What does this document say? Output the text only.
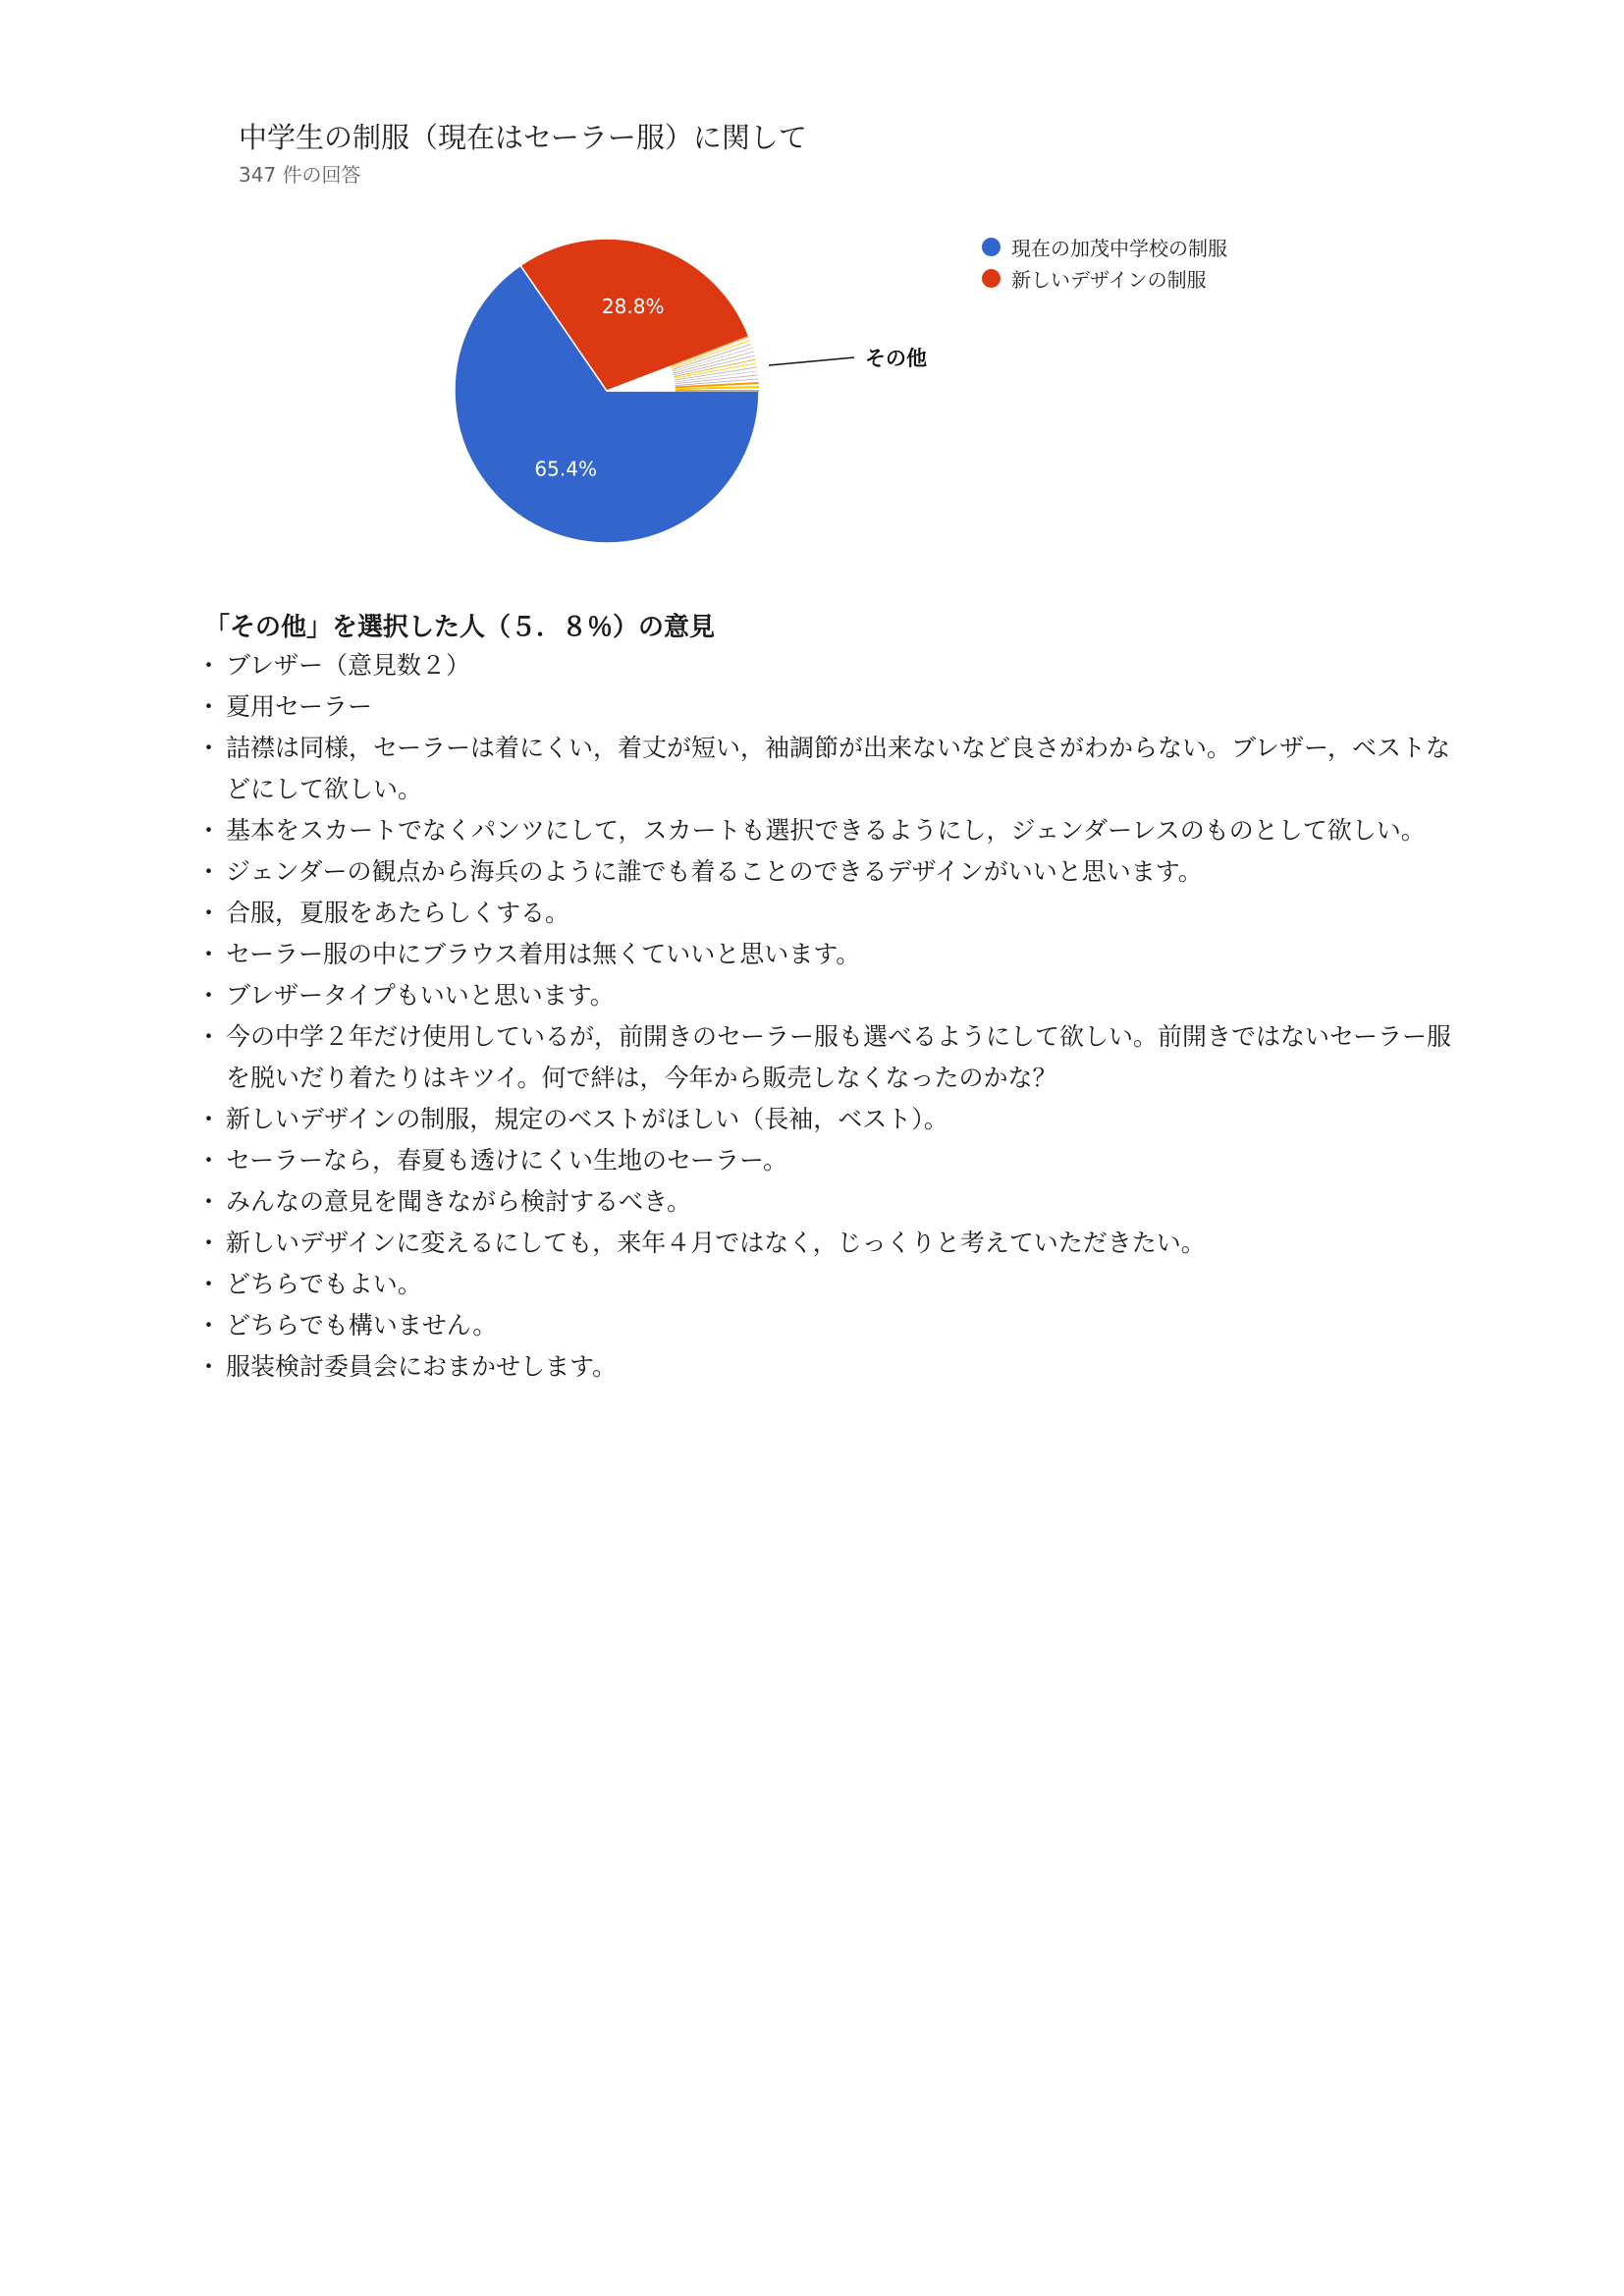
中学生の制服（現在はセーラー服）に関して
347 件の回答
その他
65.4%
28.8%
現在の加茂中学校の制服
新しいデザインの制服
「その他」を選択した人（５．８％）の意見
・ ブレザー（意見数２）
・ 夏用セーラー
・ 詰襟は同様，セーラーは着にくい，着丈が短い，袖調節が出来ないなど良さがわからない。ブレザー，ベストなどにして欲しい。
・ 基本をスカートでなくパンツにして，スカートも選択できるようにし，ジェンダーレスのものとして欲しい。
・ ジェンダーの観点から海兵のように誰でも着ることのできるデザインがいいと思います。
・ 合服，夏服をあたらしくする。
・ セーラー服の中にブラウス着用は無くていいと思います。
・ ブレザータイプもいいと思います。
・ 今の中学２年だけ使用しているが，前開きのセーラー服も選べるようにして欲しい。前開きではないセーラー服を脱いだり着たりはキツイ。何で絆は，今年から販売しなくなったのかな？
・ 新しいデザインの制服，規定のベストがほしい（長袖，ベスト）。
・ セーラーなら，春夏も透けにくい生地のセーラー。
・ みんなの意見を聞きながら検討するべき。
・ 新しいデザインに変えるにしても，来年４月ではなく，じっくりと考えていただきたい。
・ どちらでもよい。
・ どちらでも構いません。
・ 服装検討委員会におまかせします。
